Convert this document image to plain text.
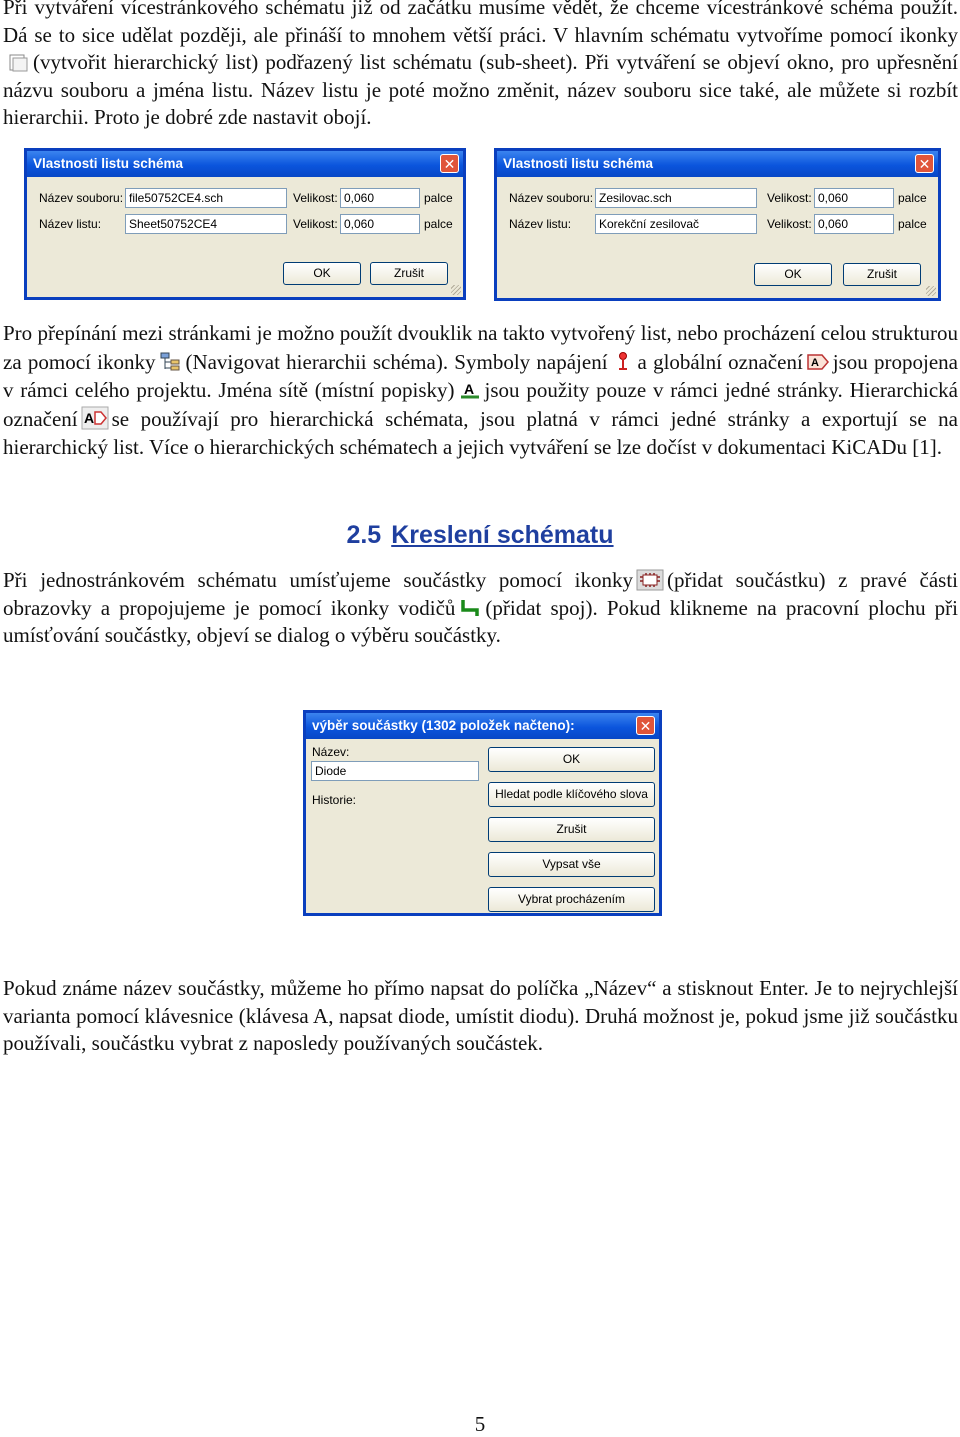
Při vytváření vícestránkového schématu již od začátku musíme vědět, že chceme vícestránkové schéma použít. Dá se to sice udělat později, ale přináší to mnohem větší práci. V hlavním schématu vytvoříme pomocí ikonky(vytvořit hierarchický list) podřazený list schématu (sub-sheet). Při vytváření se objeví okno, pro upřesnění názvu souboru a jména listu. Název listu je poté možno změnit, název souboru sice také, ale můžete si rozbít hierarchii. Proto je dobré zde nastavit obojí.
Vlastnosti listu schéma	✕
Název souboru: file50752CE4.sch
Název listu:	Sheet50752CE4
Velikost: 0,060	palce
Velikost: 0,060	palce
OK	Zrušit
Vlastnosti listu schéma	✕
Název souboru: Zesilovac.sch
Název listu:	Korekční zesilovač
Velikost: 0,060	palce
Velikost: 0,060	palce
OK	Zrušit
Pro přepínání mezi stránkami je možno použít dvouklik na takto vytvořený list, nebo procházení celou strukturou za pomocí ikonky (Navigovat hierarchii schéma). Symboly napájení a globální označení A jsou propojena v rámci celého projektu. Jména sítě (místní popisky) A jsou použity pouze v rámci jedné stránky. Hierarchická označení A se používají pro hierarchická schémata, jsou platná v rámci jedné stránky a exportují se na hierarchický list. Více o hierarchických schématech a jejich vytváření se lze dočíst v dokumentaci KiCADu [1].
2.5 Kreslení schématu
Při jednostránkovém schématu umísťujeme součástky pomocí ikonky (přidat součástku) z pravé části obrazovky a propojujeme je pomocí ikonky vodičů (přidat spoj). Pokud klikneme na pracovní plochu při umísťování součástky, objeví se dialog o výběru součástky.
výběr součástky (1302 položek načteno):	✕
Název:
Diode
Historie:
OK
Hledat podle klíčového slova
Zrušit
Vypsat vše
Vybrat procházením
Pokud známe název součástky, můžeme ho přímo napsat do políčka „Název“ a stisknout Enter. Je to nejrychlejší varianta pomocí klávesnice (klávesa A, napsat diode, umístit diodu). Druhá možnost je, pokud jsme již součástku používali, součástku vybrat z naposledy používaných součástek.
5
